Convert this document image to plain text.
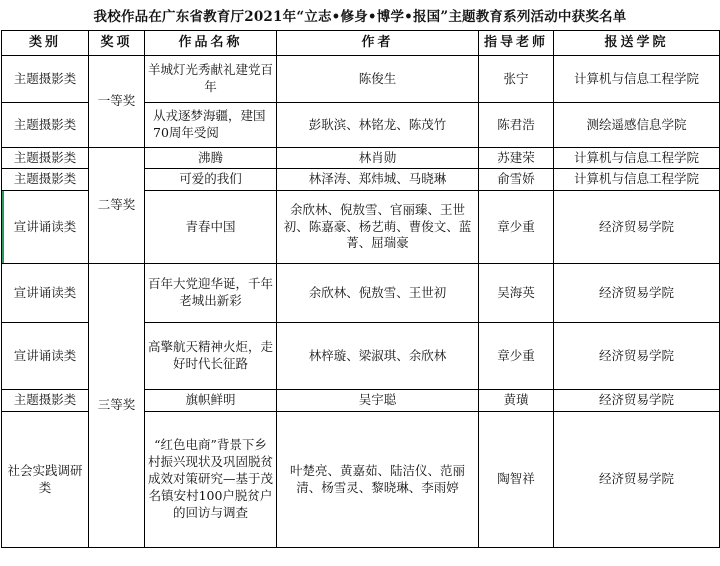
我校作品在广东省教育厅2021年“立志•修身•博学•报国”主题教育系列活动中获奖名单
类别	奖项	作品名称	作者	指导老师	报送学院
主题摄影类	一等奖	羊城灯光秀献礼建党百年	陈俊生	张宁	计算机与信息工程学院
主题摄影类		从戎逐梦海疆，建国70周年受阅	彭耿滨、林铭龙、陈茂竹	陈君浩	测绘遥感信息学院
主题摄影类	二等奖	沸腾	林肖勋	苏建荣	计算机与信息工程学院
主题摄影类		可爱的我们	林泽涛、郑炜城、马晓琳	俞雪娇	计算机与信息工程学院
宣讲诵读类		青春中国	余欣林、倪敖雪、官丽臻、王世初、陈嘉豪、杨艺萌、曹俊文、蓝菁、屈瑞豪	章少重	经济贸易学院
宣讲诵读类	三等奖	百年大党迎华诞，千年老城出新彩	余欣林、倪敖雪、王世初	吴海英	经济贸易学院
宣讲诵读类		高擎航天精神火炬，走好时代长征路	林梓璇、梁淑琪、余欣林	章少重	经济贸易学院
主题摄影类		旗帜鲜明	吴宇聪	黄璜	经济贸易学院
社会实践调研类		“红色电商”背景下乡村振兴现状及巩固脱贫成效对策研究—基于茂名镇安村100户脱贫户的回访与调查	叶楚亮、黄嘉茹、陆洁仪、范丽清、杨雪灵、黎晓琳、李雨婷	陶智祥	经济贸易学院
